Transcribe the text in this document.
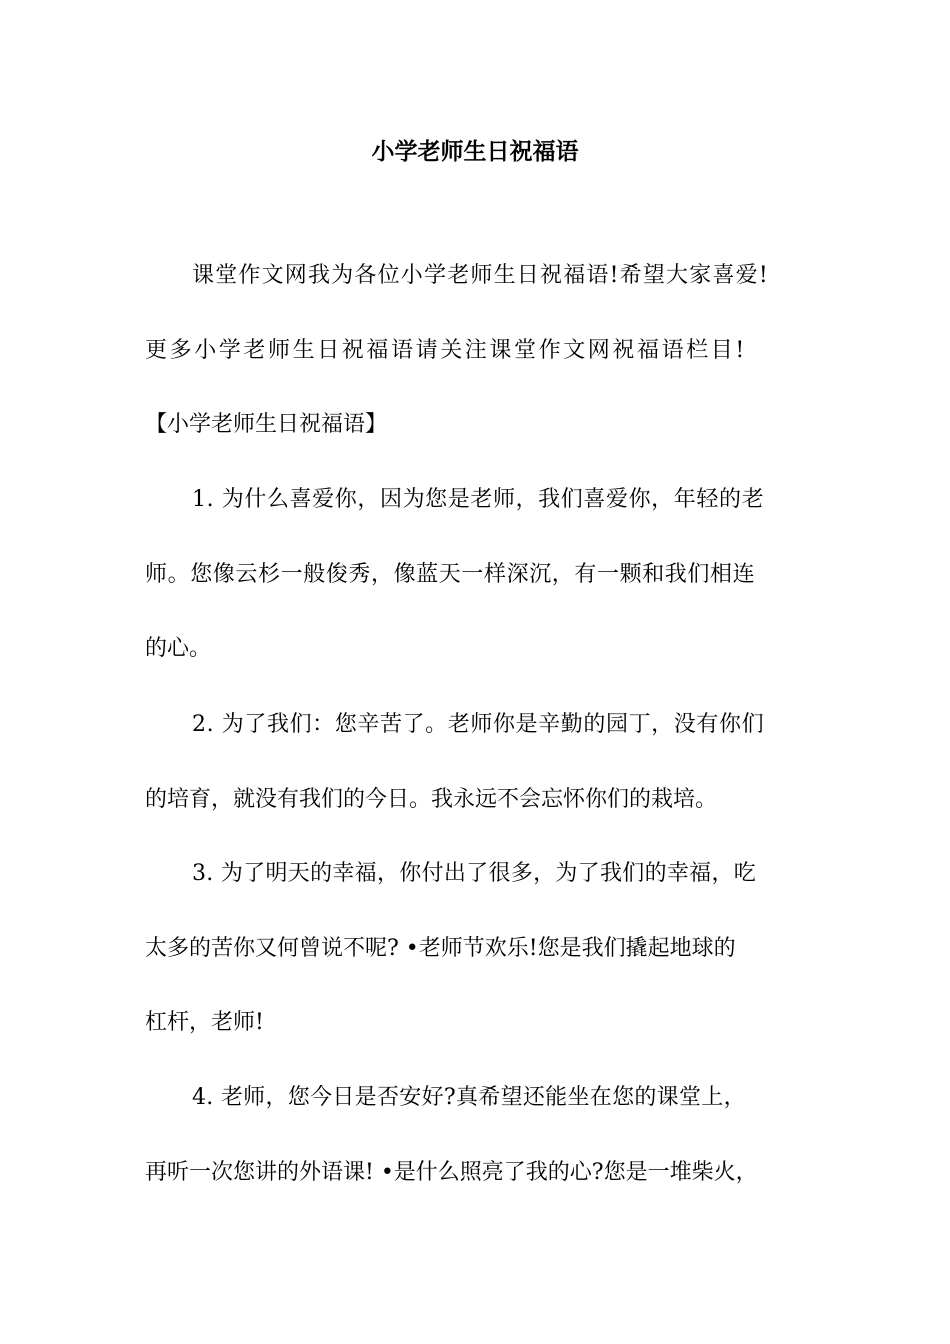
小学老师生日祝福语
课堂作文网我为各位小学老师生日祝福语!希望大家喜爱!
更多小学老师生日祝福语请关注课堂作文网祝福语栏目!
【小学老师生日祝福语】
1. 为什么喜爱你，因为您是老师，我们喜爱你，年轻的老
师。您像云杉一般俊秀，像蓝天一样深沉，有一颗和我们相连
的心。
2. 为了我们：您辛苦了。老师你是辛勤的园丁，没有你们
的培育，就没有我们的今日。我永远不会忘怀你们的栽培。
3. 为了明天的幸福，你付出了很多，为了我们的幸福，吃
太多的苦你又何曾说不呢? •老师节欢乐!您是我们撬起地球的
杠杆，老师!
4. 老师，您今日是否安好?真希望还能坐在您的课堂上，
再听一次您讲的外语课! •是什么照亮了我的心?您是一堆柴火，
